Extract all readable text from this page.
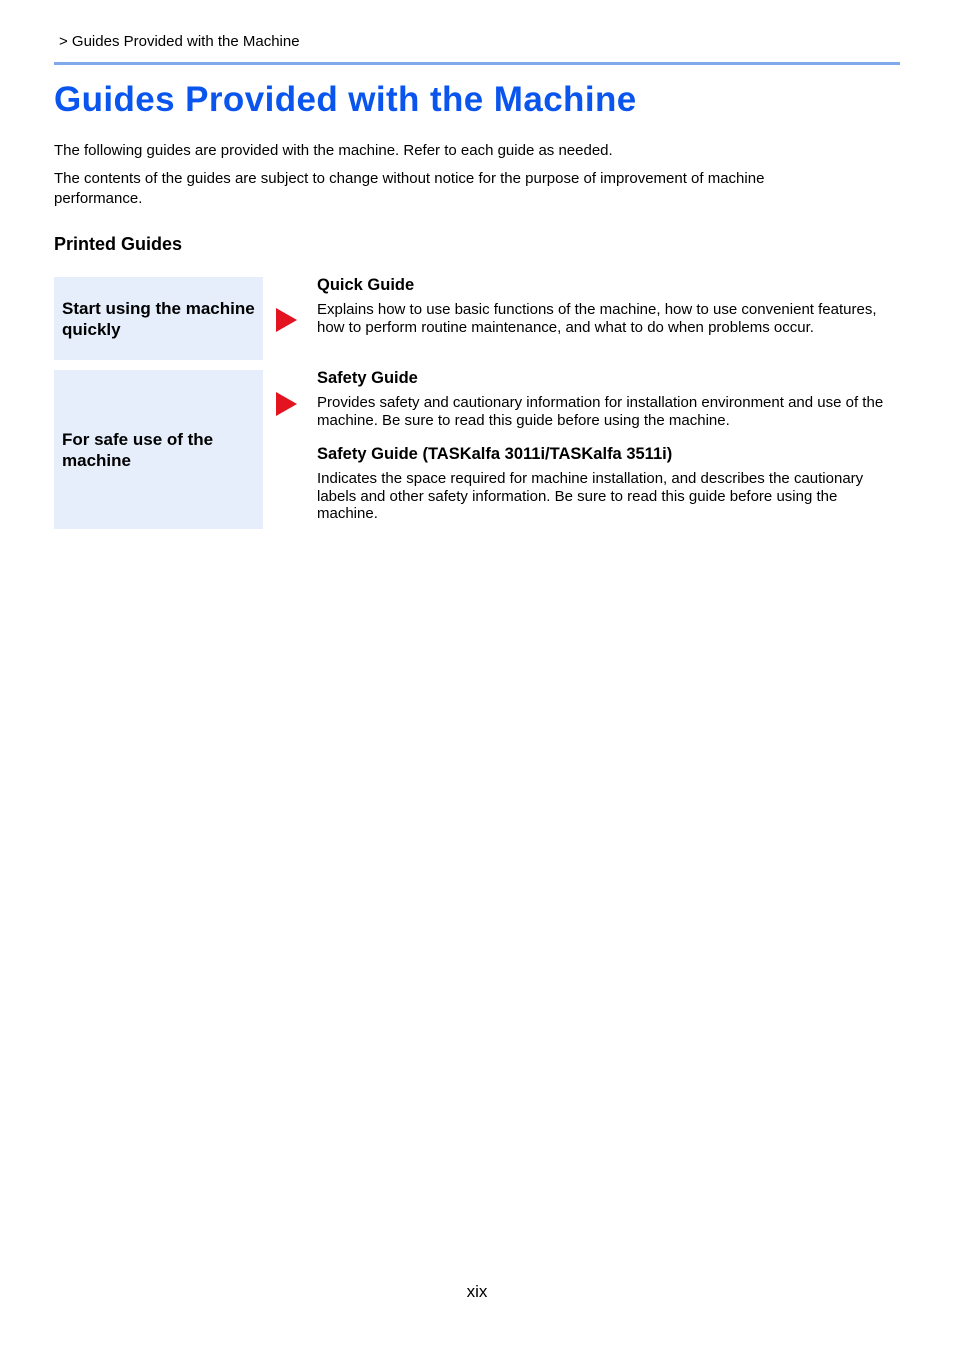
> Guides Provided with the Machine
Guides Provided with the Machine

The following guides are provided with the machine. Refer to each guide as needed.

The contents of the guides are subject to change without notice for the purpose of improvement of machine performance.

Printed Guides
Start using the machine quickly
For safe use of the machine

Quick Guide

Explains how to use basic functions of the machine, how to use convenient features, how to perform routine maintenance, and what to do when problems occur.

Safety Guide

Provides safety and cautionary information for installation environment and use of the machine. Be sure to read this guide before using the machine.

Safety Guide (TASKalfa 3011i/TASKalfa 3511i)

Indicates the space required for machine installation, and describes the cautionary labels and other safety information. Be sure to read this guide before using the machine.

xix
